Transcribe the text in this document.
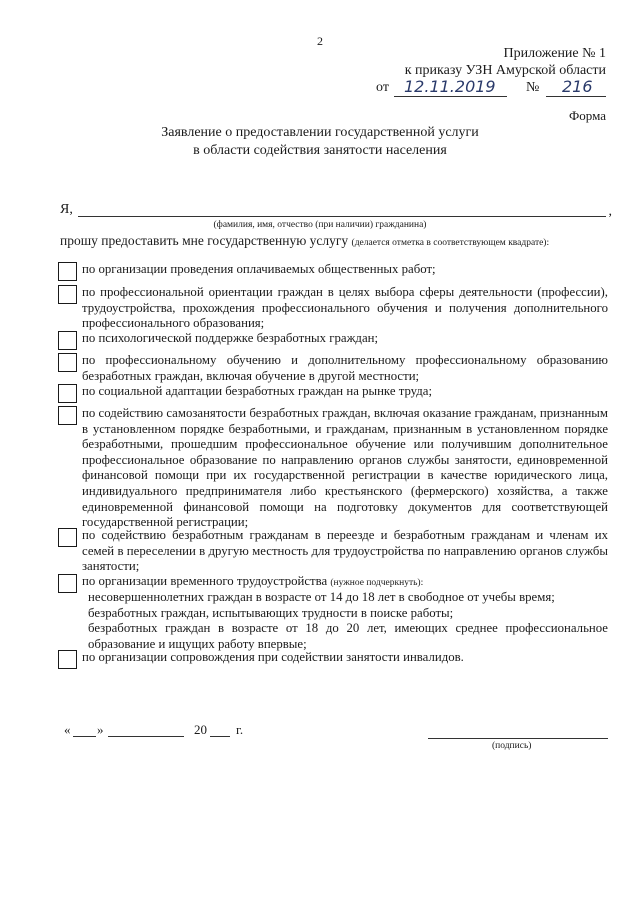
2
Приложение № 1
к приказу УЗН Амурской области
от 12.11.2019 № 216
Форма
Заявление о предоставлении государственной услуги
в области содействия занятости населения
Я,	,
(фамилия, имя, отчество (при наличии) гражданина)
прошу предоставить мне государственную услугу (делается отметка в соответствующем квадрате):
по организации проведения оплачиваемых общественных работ;
по профессиональной ориентации граждан в целях выбора сферы деятельности (профессии), трудоустройства, прохождения профессионального обучения и получения дополнительного профессионального образования;
по психологической поддержке безработных граждан;
по профессиональному обучению и дополнительному профессиональному образованию безработных граждан, включая обучение в другой местности;
по социальной адаптации безработных граждан на рынке труда;
по содействию самозанятости безработных граждан, включая оказание гражданам, признанным в установленном порядке безработными, и гражданам, признанным в установленном порядке безработными, прошедшим профессиональное обучение или получившим дополнительное профессиональное образование по направлению органов службы занятости, единовременной финансовой помощи при их государственной регистрации в качестве юридического лица, индивидуального предпринимателя либо крестьянского (фермерского) хозяйства, а также единовременной финансовой помощи на подготовку документов для соответствующей государственной регистрации;
по содействию безработным гражданам в переезде и безработным гражданам и членам их семей в переселении в другую местность для трудоустройства по направлению органов службы занятости;
по организации временного трудоустройства (нужное подчеркнуть):
несовершеннолетних граждан в возрасте от 14 до 18 лет в свободное от учебы время;
безработных граждан, испытывающих трудности в поиске работы;
безработных граждан в возрасте от 18 до 20 лет, имеющих среднее профессиональное образование и ищущих работу впервые;
по организации сопровождения при содействии занятости инвалидов.
« »	20 г.
(подпись)
